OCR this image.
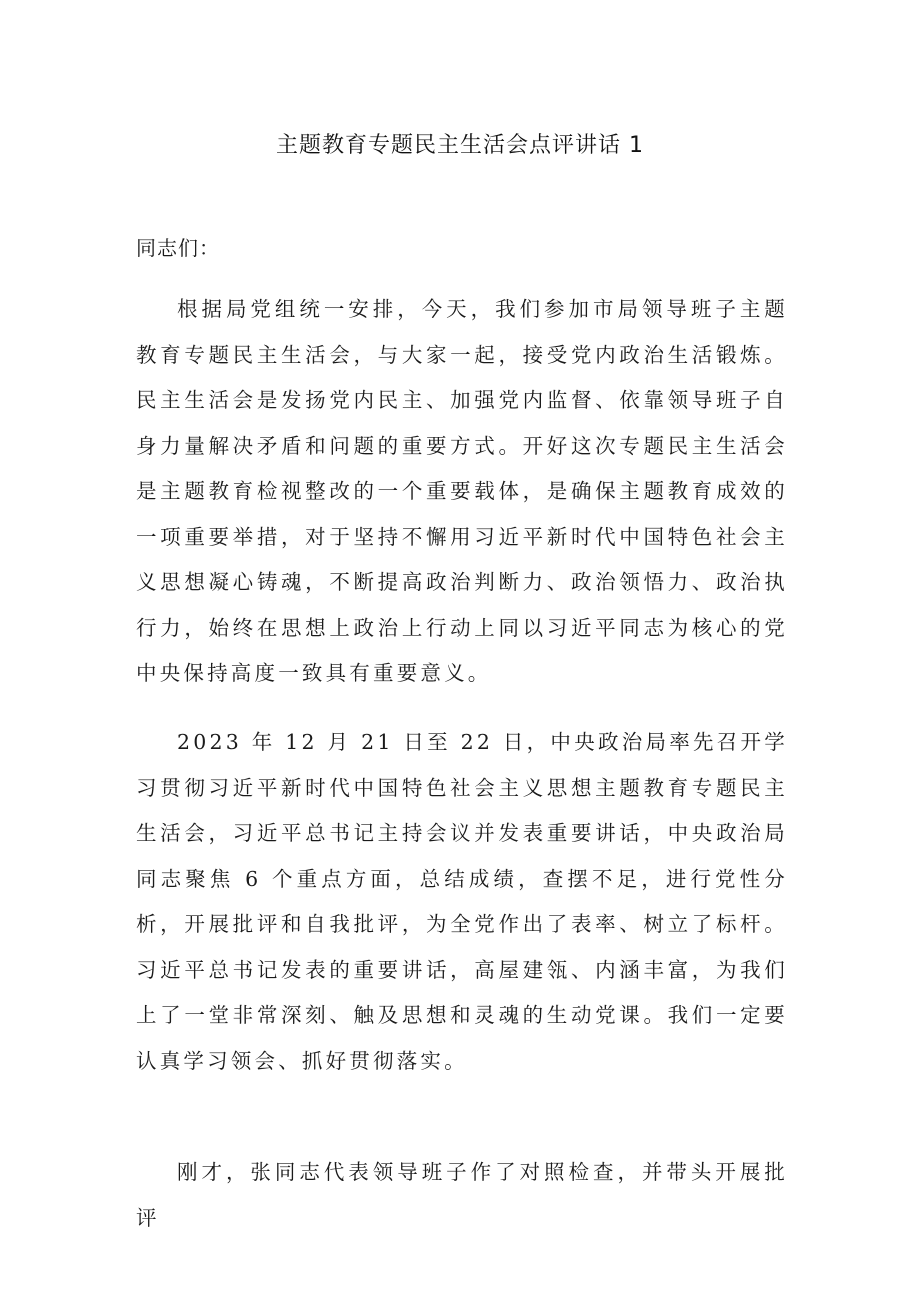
主题教育专题民主生活会点评讲话 1
同志们：

根据局党组统一安排，今天，我们参加市局领导班子主题教育专题民主生活会，与大家一起，接受党内政治生活锻炼。民主生活会是发扬党内民主、加强党内监督、依靠领导班子自身力量解决矛盾和问题的重要方式。开好这次专题民主生活会是主题教育检视整改的一个重要载体，是确保主题教育成效的一项重要举措，对于坚持不懈用习近平新时代中国特色社会主义思想凝心铸魂，不断提高政治判断力、政治领悟力、政治执行力，始终在思想上政治上行动上同以习近平同志为核心的党中央保持高度一致具有重要意义。

2023 年 12 月 21 日至 22 日，中央政治局率先召开学习贯彻习近平新时代中国特色社会主义思想主题教育专题民主生活会，习近平总书记主持会议并发表重要讲话，中央政治局同志聚焦 6 个重点方面，总结成绩，查摆不足，进行党性分析，开展批评和自我批评，为全党作出了表率、树立了标杆。习近平总书记发表的重要讲话，高屋建瓴、内涵丰富，为我们上了一堂非常深刻、触及思想和灵魂的生动党课。我们一定要认真学习领会、抓好贯彻落实。

刚才，张同志代表领导班子作了对照检查，并带头开展批评
